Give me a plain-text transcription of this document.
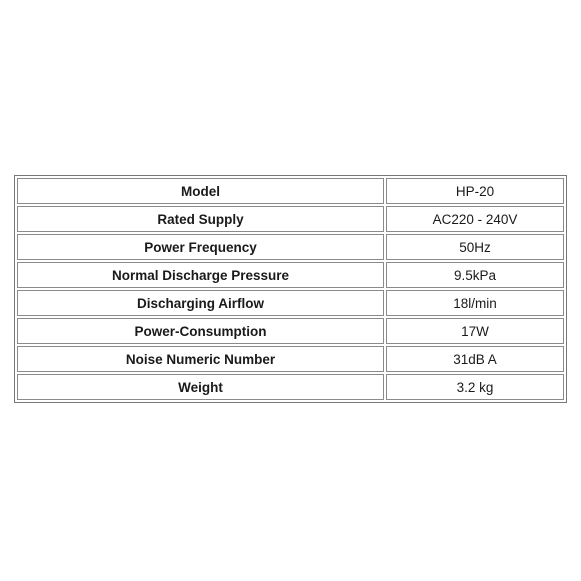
Model	HP-20
Rated Supply	AC220 - 240V
Power Frequency	50Hz
Normal Discharge Pressure	9.5kPa
Discharging Airflow	18l/min
Power-Consumption	17W
Noise Numeric Number	31dB A
Weight	3.2 kg
